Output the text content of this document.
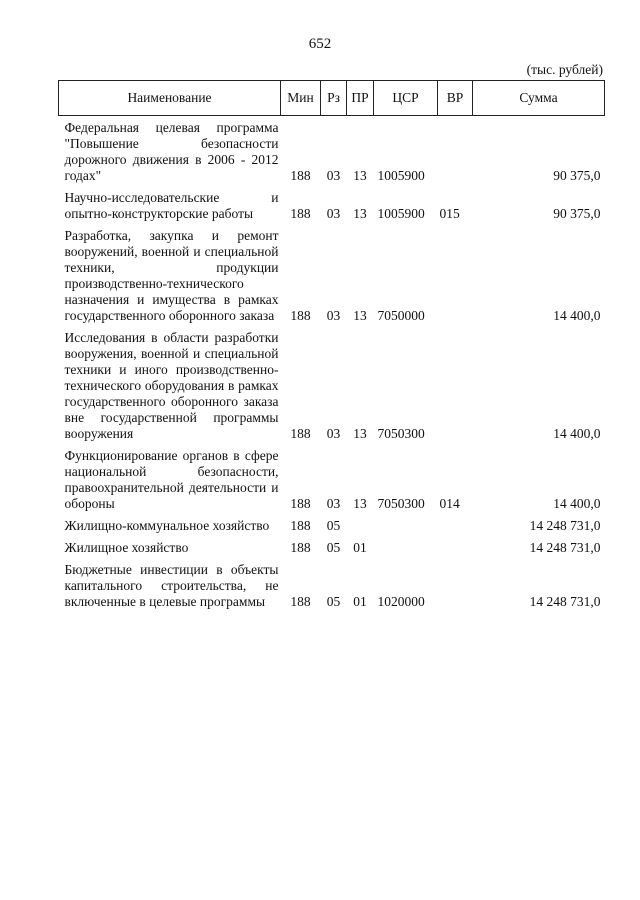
652
(тыс. рублей)
Наименование	Мин	Рз	ПР	ЦСР	ВР	Сумма
Федеральная целевая программа "Повышение безопасности дорожного движения в 2006 - 2012 годах"	188	03	13	1005900		90 375,0
Научно-исследовательские и опытно-конструкторские работы	188	03	13	1005900	015	90 375,0
Разработка, закупка и ремонт вооружений, военной и специальной техники, продукции производственно-технического назначения и имущества в рамках государственного оборонного заказа	188	03	13	7050000		14 400,0
Исследования в области разработки вооружения, военной и специальной техники и иного производственно-технического оборудования в рамках государственного оборонного заказа вне государственной программы вооружения	188	03	13	7050300		14 400,0
Функционирование органов в сфере национальной безопасности, правоохранительной деятельности и обороны	188	03	13	7050300	014	14 400,0
Жилищно-коммунальное хозяйство	188	05				14 248 731,0
Жилищное хозяйство	188	05	01			14 248 731,0
Бюджетные инвестиции в объекты капитального строительства, не включенные в целевые программы	188	05	01	1020000		14 248 731,0
